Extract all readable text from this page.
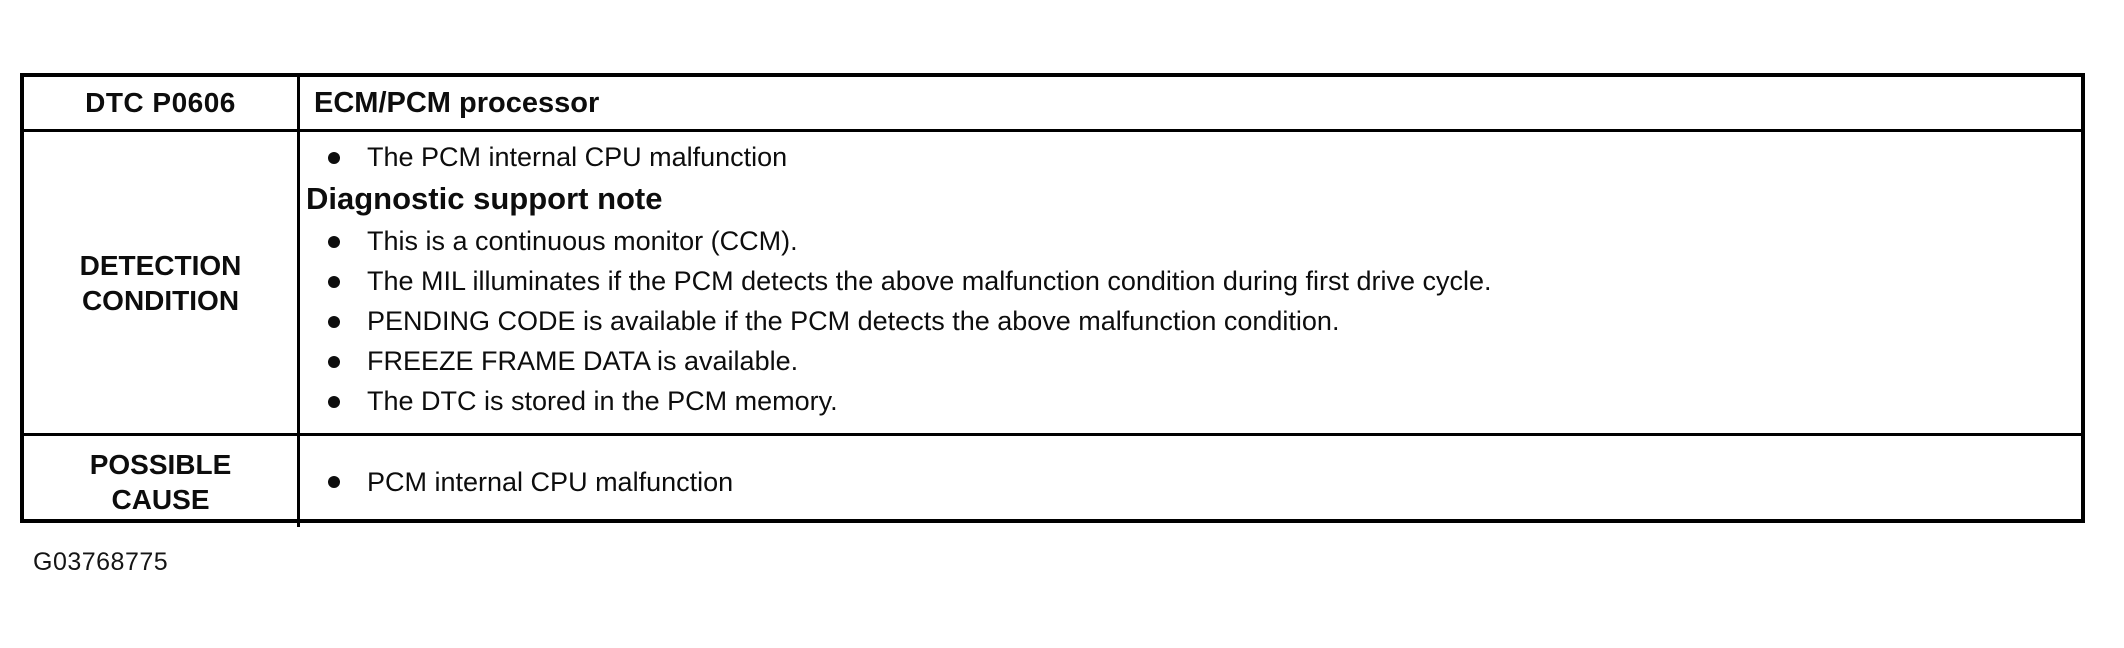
DTC P0606	ECM/PCM processor
DETECTION
CONDITION
The PCM internal CPU malfunction
Diagnostic support note
This is a continuous monitor (CCM).
The MIL illuminates if the PCM detects the above malfunction condition during first drive cycle.
PENDING CODE is available if the PCM detects the above malfunction condition.
FREEZE FRAME DATA is available.
The DTC is stored in the PCM memory.
POSSIBLE
CAUSE
PCM internal CPU malfunction
G03768775
